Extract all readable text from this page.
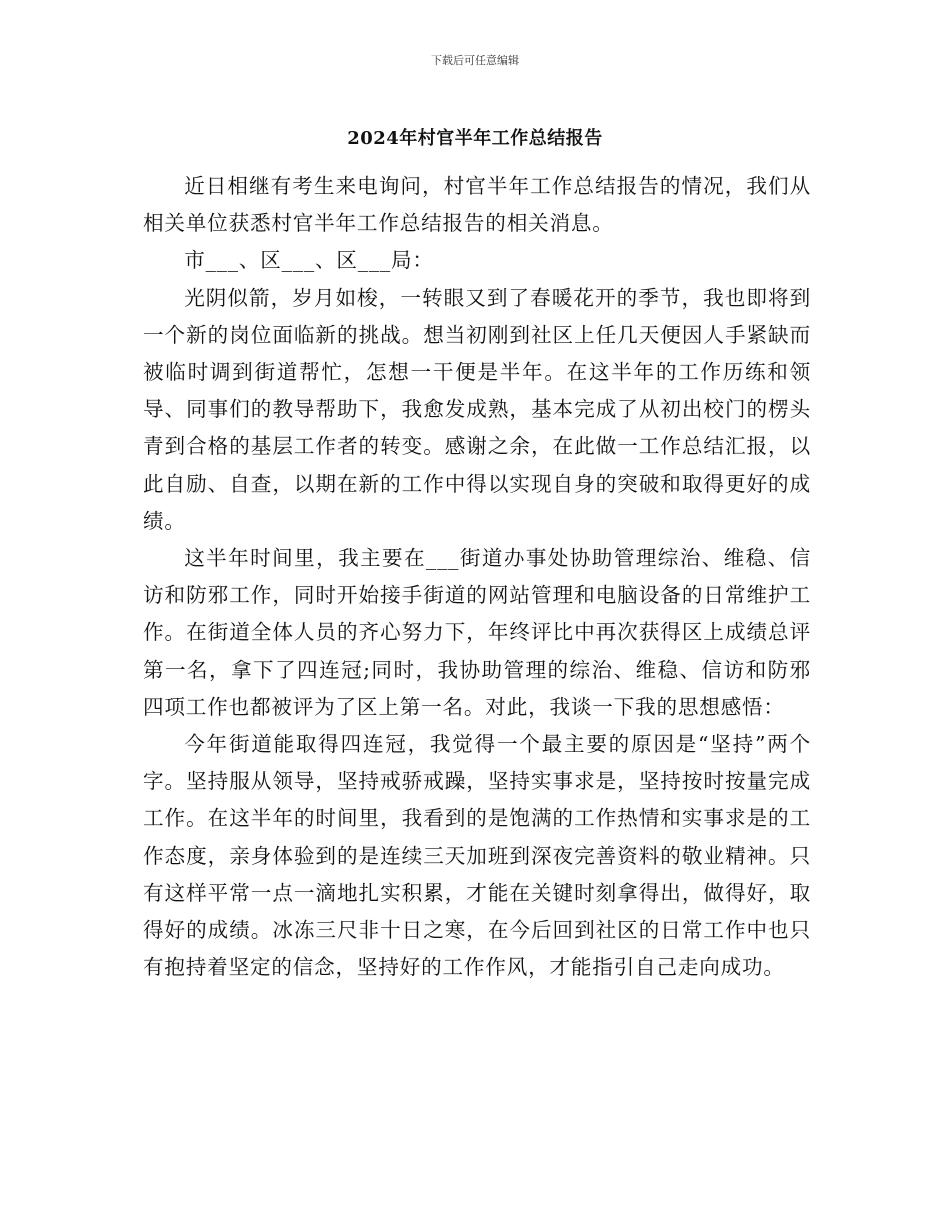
下载后可任意编辑
2024年村官半年工作总结报告

近日相继有考生来电询问，村官半年工作总结报告的情况，我们从相关单位获悉村官半年工作总结报告的相关消息。

市___、区___、区___局：

光阴似箭，岁月如梭，一转眼又到了春暖花开的季节，我也即将到一个新的岗位面临新的挑战。想当初刚到社区上任几天便因人手紧缺而被临时调到街道帮忙，怎想一干便是半年。在这半年的工作历练和领导、同事们的教导帮助下，我愈发成熟，基本完成了从初出校门的楞头青到合格的基层工作者的转变。感谢之余，在此做一工作总结汇报，以此自励、自查，以期在新的工作中得以实现自身的突破和取得更好的成绩。

这半年时间里，我主要在___街道办事处协助管理综治、维稳、信访和防邪工作，同时开始接手街道的网站管理和电脑设备的日常维护工作。在街道全体人员的齐心努力下，年终评比中再次获得区上成绩总评第一名，拿下了四连冠;同时，我协助管理的综治、维稳、信访和防邪四项工作也都被评为了区上第一名。对此，我谈一下我的思想感悟：

今年街道能取得四连冠，我觉得一个最主要的原因是“坚持”两个字。坚持服从领导，坚持戒骄戒躁，坚持实事求是，坚持按时按量完成工作。在这半年的时间里，我看到的是饱满的工作热情和实事求是的工作态度，亲身体验到的是连续三天加班到深夜完善资料的敬业精神。只有这样平常一点一滴地扎实积累，才能在关键时刻拿得出，做得好，取得好的成绩。冰冻三尺非十日之寒，在今后回到社区的日常工作中也只有抱持着坚定的信念，坚持好的工作作风，才能指引自己走向成功。
